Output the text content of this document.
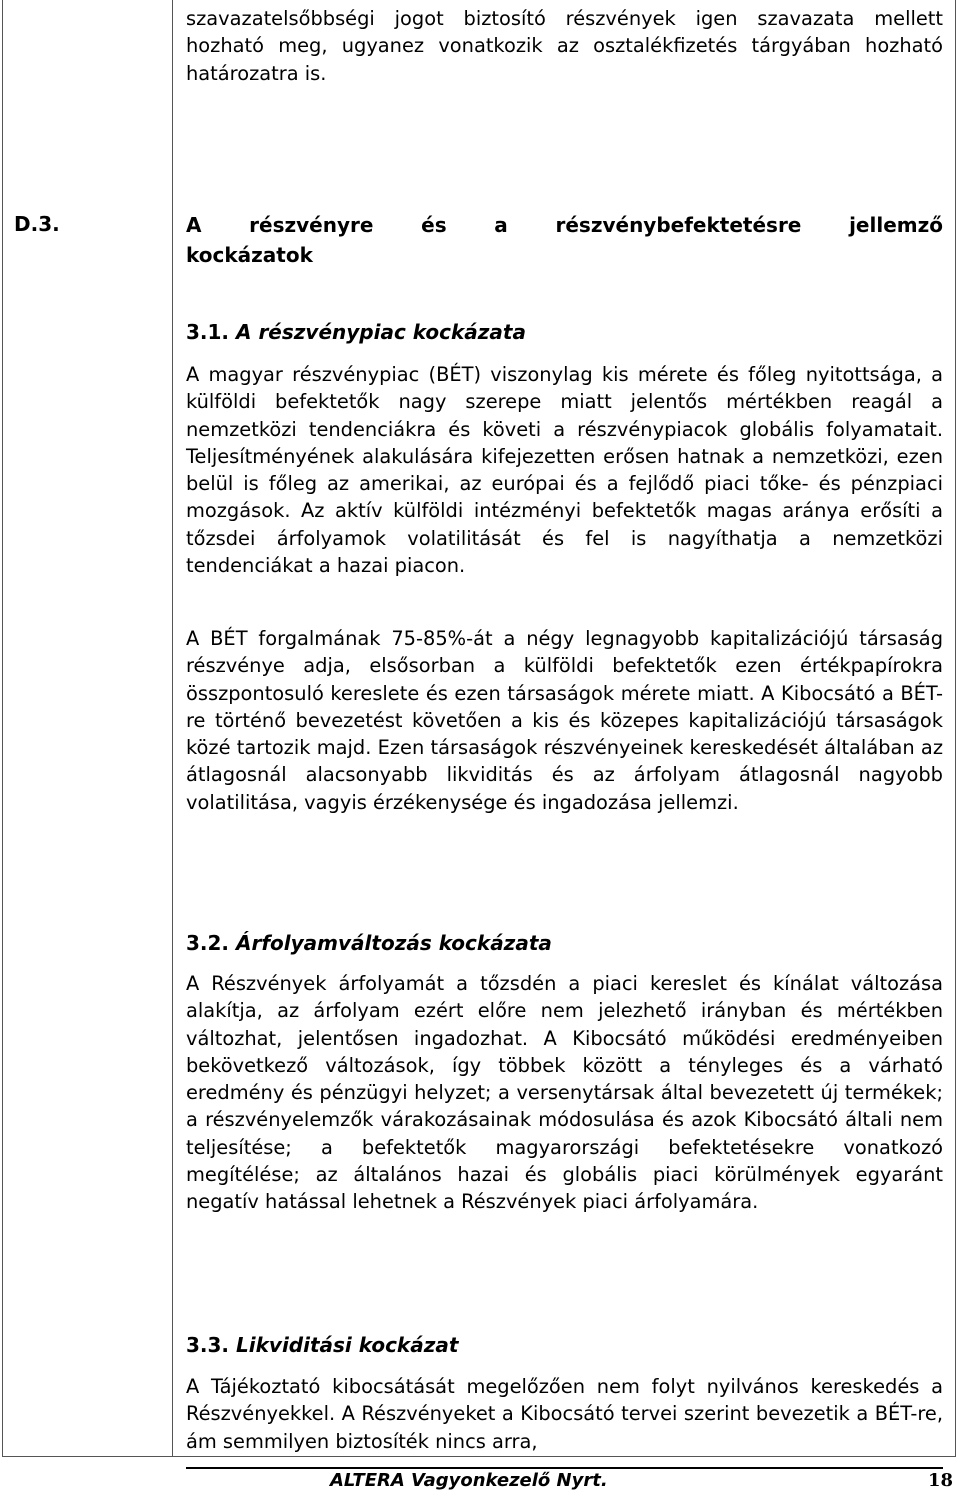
szavazatelsőbbségi jogot biztosító részvények igen szavazata mellett hozható meg, ugyanez vonatkozik az osztalékfizetés tárgyában hozható határozatra is.
D.3.	A részvényre és a részvénybefektetésre jellemző
kockázatok
3.1. A részvénypiac kockázata
A magyar részvénypiac (BÉT) viszonylag kis mérete és főleg nyitottsága, a külföldi befektetők nagy szerepe miatt jelentős mértékben reagál a nemzetközi tendenciákra és követi a részvénypiacok globális folyamatait. Teljesítményének alakulására kifejezetten erősen hatnak a nemzetközi, ezen belül is főleg az amerikai, az európai és a fejlődő piaci tőke- és pénzpiaci mozgások. Az aktív külföldi intézményi befektetők magas aránya erősíti a tőzsdei árfolyamok volatilitását és fel is nagyíthatja a nemzetközi tendenciákat a hazai piacon.
A BÉT forgalmának 75-85%-át a négy legnagyobb kapitalizációjú társaság részvénye adja, elsősorban a külföldi befektetők ezen értékpapírokra összpontosuló kereslete és ezen társaságok mérete miatt. A Kibocsátó a BÉT-re történő bevezetést követően a kis és közepes kapitalizációjú társaságok közé tartozik majd. Ezen társaságok részvényeinek kereskedését általában az átlagosnál alacsonyabb likviditás és az árfolyam átlagosnál nagyobb volatilitása, vagyis érzékenysége és ingadozása jellemzi.
3.2. Árfolyamváltozás kockázata
A Részvények árfolyamát a tőzsdén a piaci kereslet és kínálat változása alakítja, az árfolyam ezért előre nem jelezhető irányban és mértékben változhat, jelentősen ingadozhat. A Kibocsátó működési eredményeiben bekövetkező változások, így többek között a tényleges és a várható eredmény és pénzügyi helyzet; a versenytársak által bevezetett új termékek; a részvényelemzők várakozásainak módosulása és azok Kibocsátó általi nem teljesítése; a befektetők magyarországi befektetésekre vonatkozó megítélése; az általános hazai és globális piaci körülmények egyaránt negatív hatással lehetnek a Részvények piaci árfolyamára.
3.3. Likviditási kockázat
A Tájékoztató kibocsátását megelőzően nem folyt nyilvános kereskedés a Részvényekkel. A Részvényeket a Kibocsátó tervei szerint bevezetik a BÉT-re, ám semmilyen biztosíték nincs arra,
ALTERA Vagyonkezelő Nyrt.	18
